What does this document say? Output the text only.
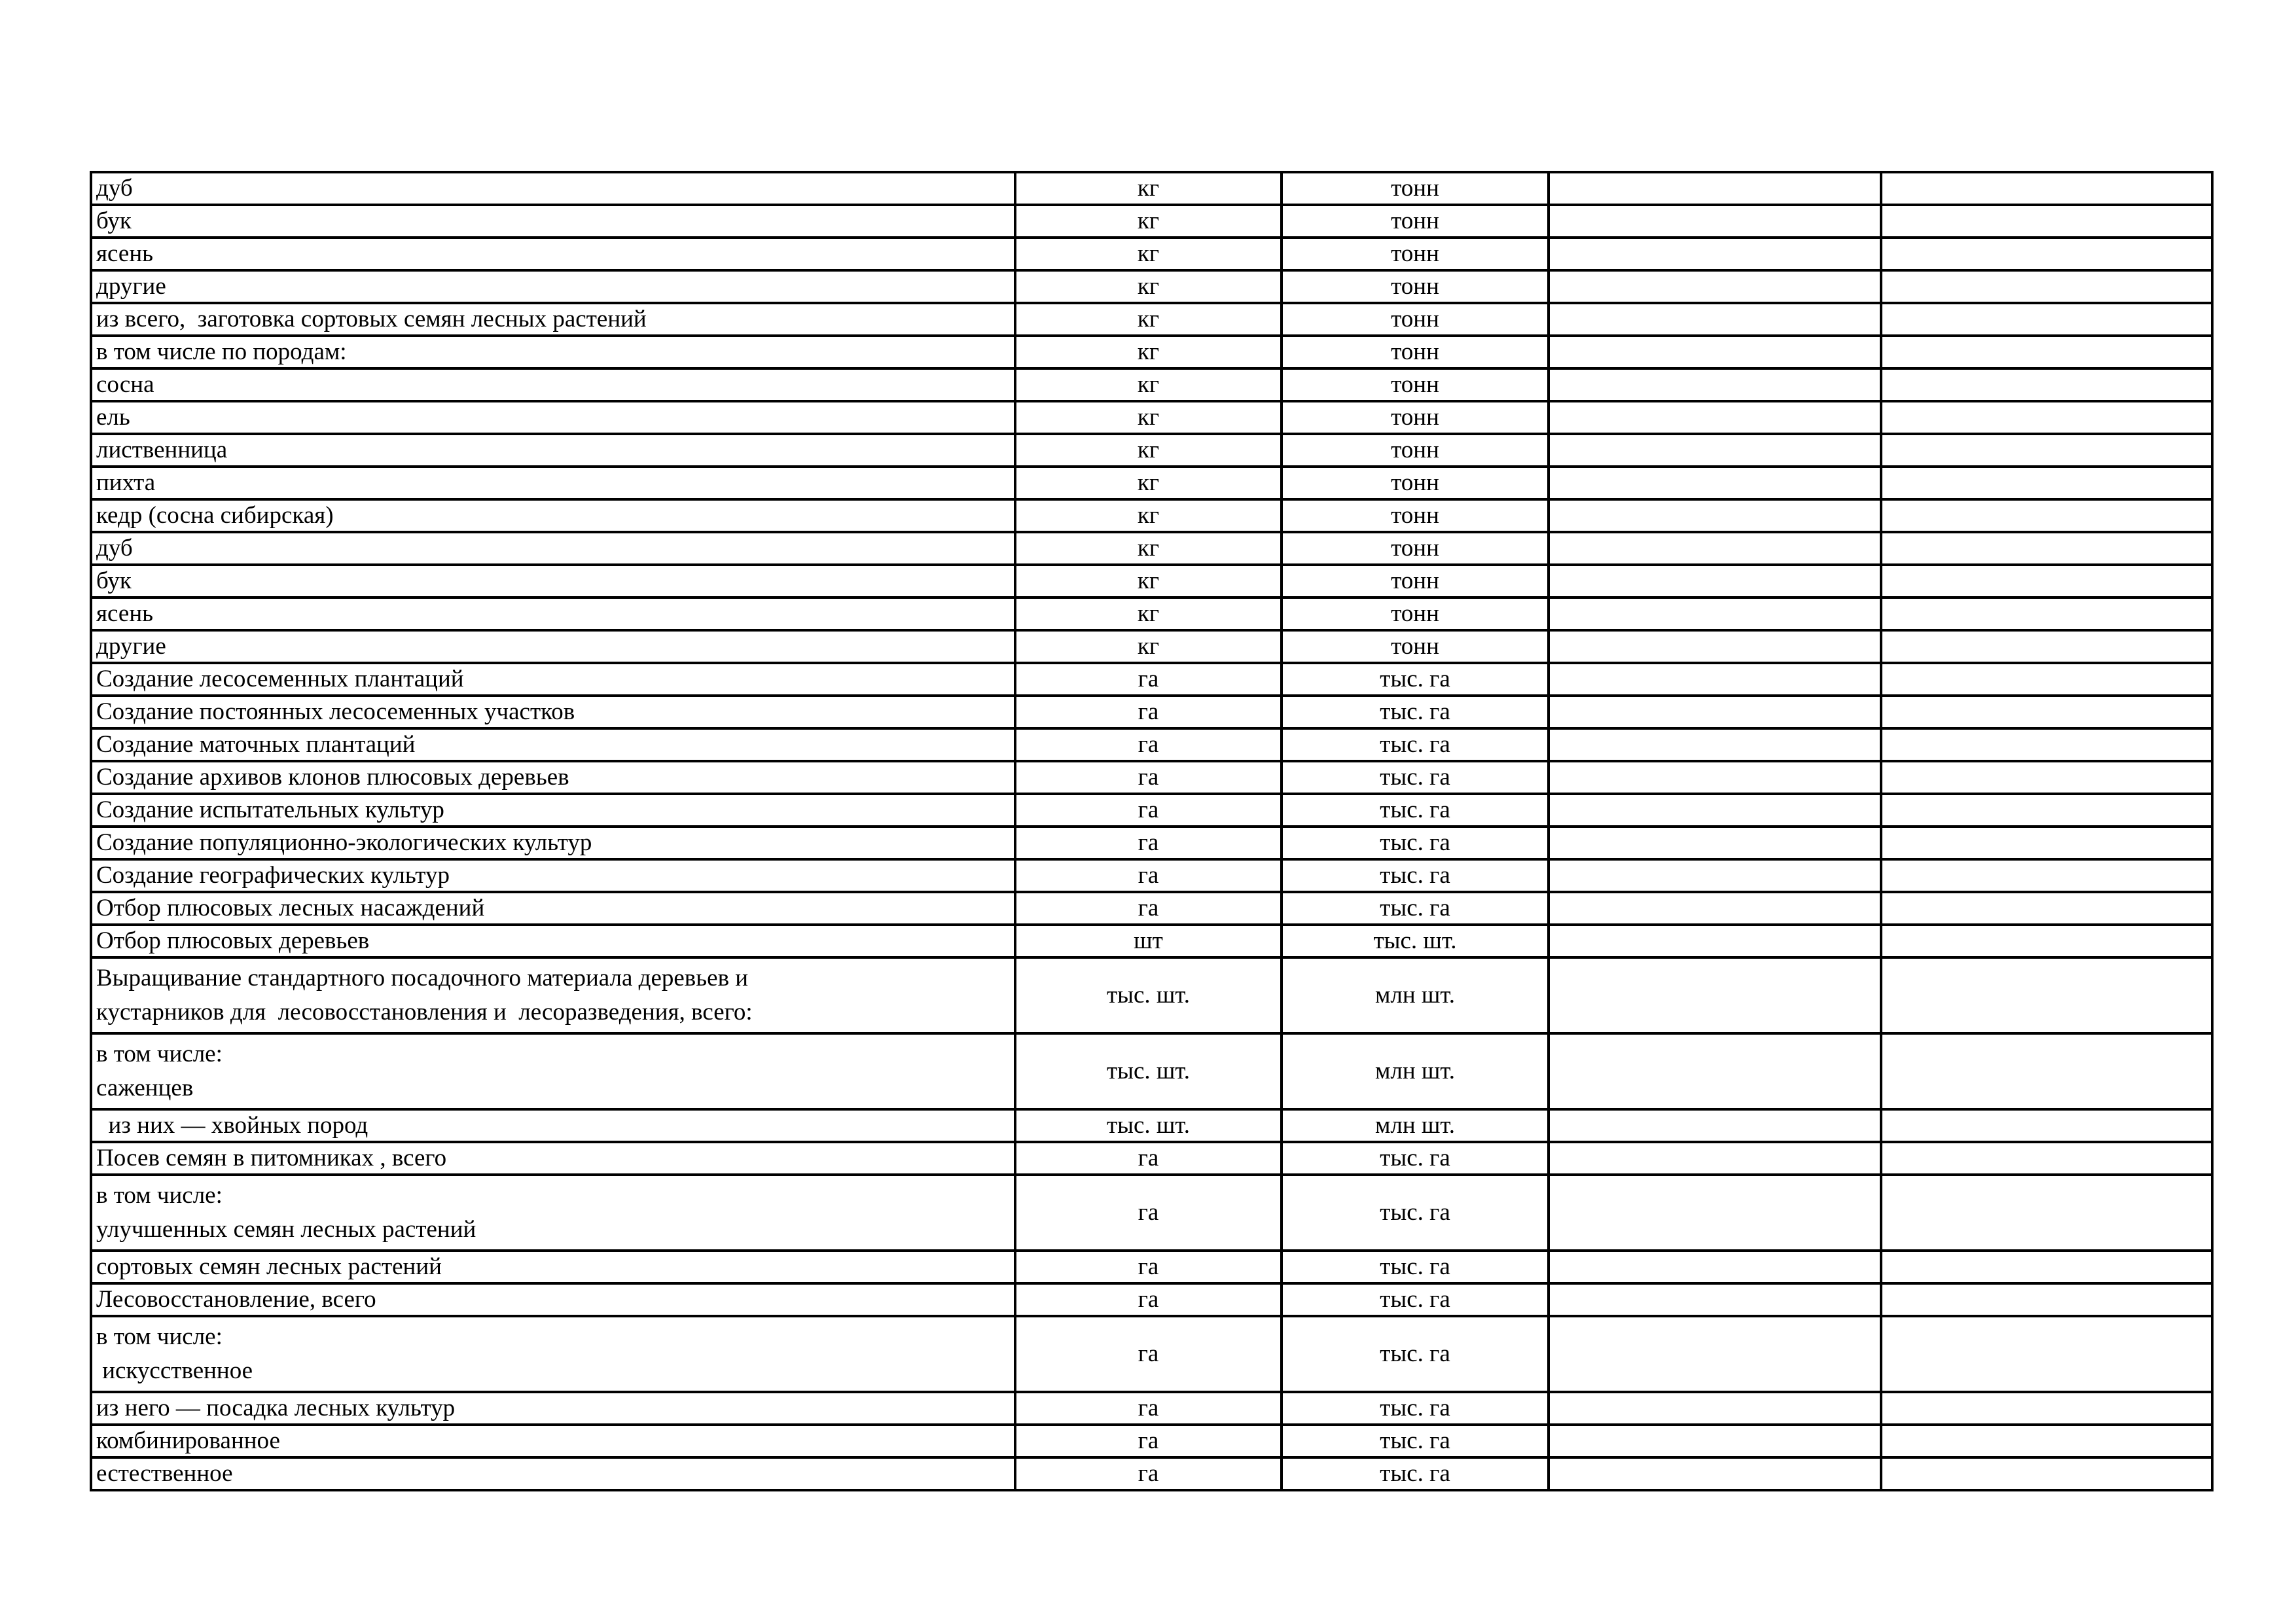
дуб	кг	тонн		

бук	кг	тонн		

ясень	кг	тонн		

другие	кг	тонн		

из всего,  заготовка сортовых семян лесных растений	кг	тонн		

в том числе по породам:	кг	тонн		

сосна	кг	тонн		

ель	кг	тонн		

лиственница	кг	тонн		

пихта	кг	тонн		

кедр (сосна сибирская)	кг	тонн		

дуб	кг	тонн		

бук	кг	тонн		

ясень	кг	тонн		

другие	кг	тонн		

Создание лесосеменных плантаций	га	тыс. га		

Создание постоянных лесосеменных участков	га	тыс. га		

Создание маточных плантаций	га	тыс. га		

Создание архивов клонов плюсовых деревьев	га	тыс. га		

Создание испытательных культур	га	тыс. га		

Создание популяционно-экологических культур	га	тыс. га		

Создание географических культур	га	тыс. га		

Отбор плюсовых лесных насаждений	га	тыс. га		

Отбор плюсовых деревьев	шт	тыс. шт.		

Выращивание стандартного посадочного материала деревьев и
кустарников для  лесовосстановления и  лесоразведения, всего:	тыс. шт.	млн шт.		

в том числе:
саженцев	тыс. шт.	млн шт.		

из них — хвойных пород	тыс. шт.	млн шт.		

Посев семян в питомниках , всего	га	тыс. га		

в том числе:
улучшенных семян лесных растений	га	тыс. га		

сортовых семян лесных растений	га	тыс. га		

Лесовосстановление, всего	га	тыс. га		

в том числе:
искусственное	га	тыс. га		

из него — посадка лесных культур	га	тыс. га		

комбинированное	га	тыс. га		

естественное	га	тыс. га		
